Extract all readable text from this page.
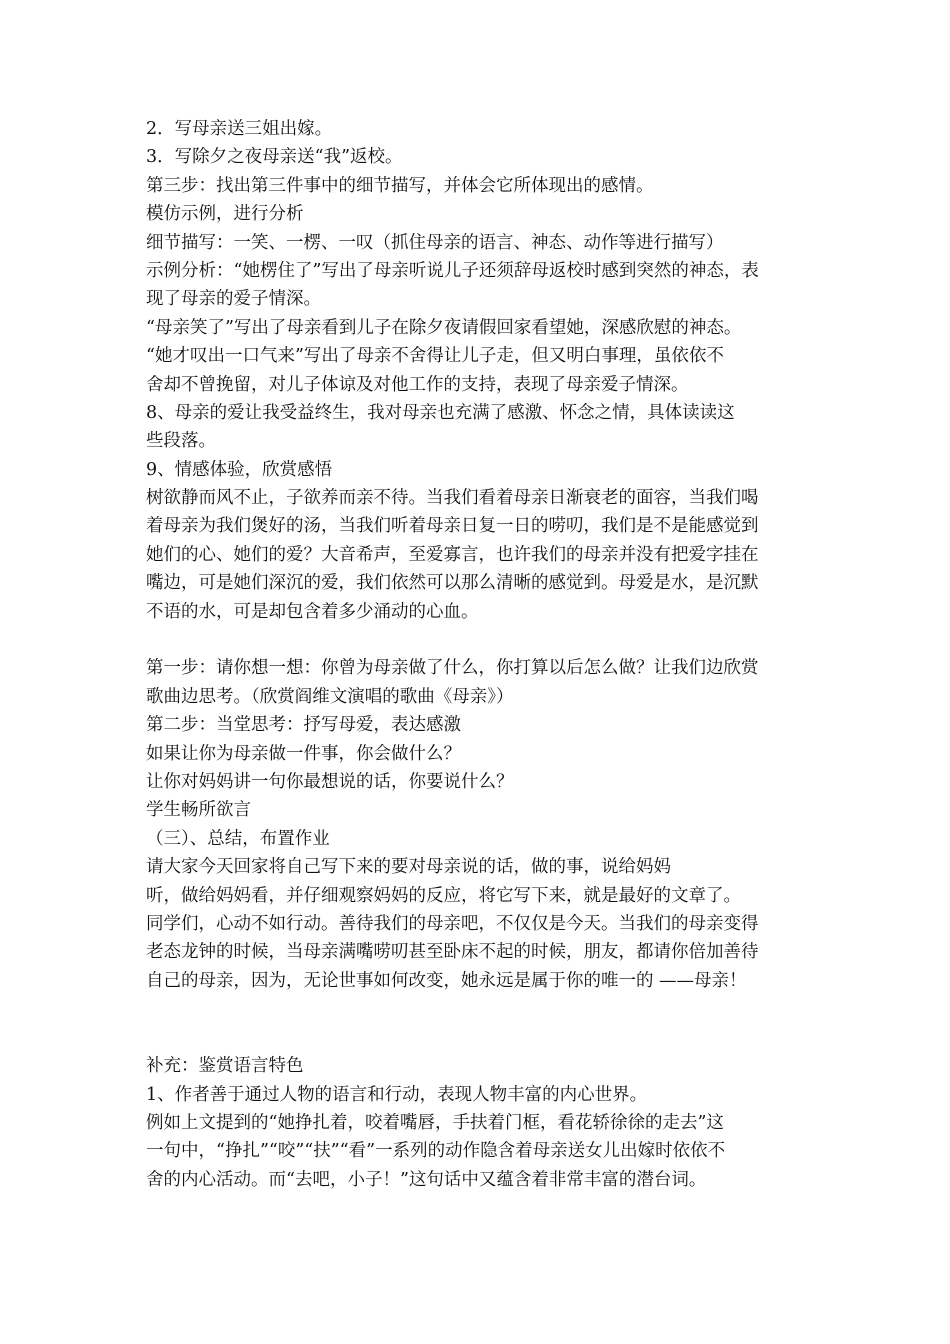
2．写母亲送三姐出嫁。
3．写除夕之夜母亲送“我”返校。
第三步：找出第三件事中的细节描写，并体会它所体现出的感情。
模仿示例，进行分析
细节描写：一笑、一楞、一叹（抓住母亲的语言、神态、动作等进行描写）
示例分析：“她楞住了”写出了母亲听说儿子还须辞母返校时感到突然的神态，表
现了母亲的爱子情深。
“母亲笑了”写出了母亲看到儿子在除夕夜请假回家看望她，深感欣慰的神态。
“她才叹出一口气来”写出了母亲不舍得让儿子走，但又明白事理，虽依依不
舍却不曾挽留，对儿子体谅及对他工作的支持，表现了母亲爱子情深。
8、母亲的爱让我受益终生，我对母亲也充满了感激、怀念之情，具体读读这
些段落。
9、情感体验，欣赏感悟
树欲静而风不止，子欲养而亲不待。当我们看着母亲日渐衰老的面容，当我们喝
着母亲为我们煲好的汤，当我们听着母亲日复一日的唠叨，我们是不是能感觉到
她们的心、她们的爱？大音希声，至爱寡言，也许我们的母亲并没有把爱字挂在
嘴边，可是她们深沉的爱，我们依然可以那么清晰的感觉到。母爱是水，是沉默
不语的水，可是却包含着多少涌动的心血。
第一步：请你想一想：你曾为母亲做了什么，你打算以后怎么做？让我们边欣赏
歌曲边思考。（欣赏阎维文演唱的歌曲《母亲》）
第二步：当堂思考：抒写母爱，表达感激
如果让你为母亲做一件事，你会做什么？
让你对妈妈讲一句你最想说的话，你要说什么？
学生畅所欲言
（三）、总结，布置作业
请大家今天回家将自己写下来的要对母亲说的话，做的事，说给妈妈
听，做给妈妈看，并仔细观察妈妈的反应，将它写下来，就是最好的文章了。
同学们，心动不如行动。善待我们的母亲吧，不仅仅是今天。当我们的母亲变得
老态龙钟的时候，当母亲满嘴唠叨甚至卧床不起的时候，朋友，都请你倍加善待
自己的母亲，因为，无论世事如何改变，她永远是属于你的唯一的 ——母亲！
补充：鉴赏语言特色
1、作者善于通过人物的语言和行动，表现人物丰富的内心世界。
例如上文提到的“她挣扎着，咬着嘴唇，手扶着门框，看花轿徐徐的走去”这
一句中，“挣扎”“咬”“扶”“看”一系列的动作隐含着母亲送女儿出嫁时依依不
舍的内心活动。而“去吧，小子！”这句话中又蕴含着非常丰富的潜台词。
